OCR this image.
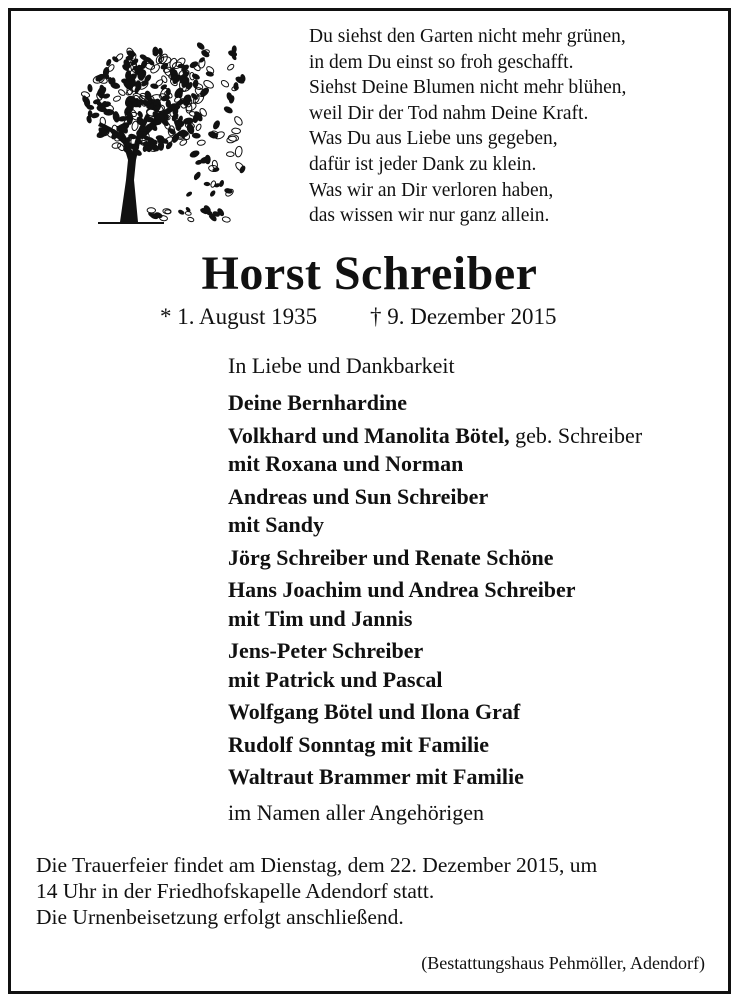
Du siehst den Garten nicht mehr grünen,
in dem Du einst so froh geschafft.
Siehst Deine Blumen nicht mehr blühen,
weil Dir der Tod nahm Deine Kraft.
Was Du aus Liebe uns gegeben,
dafür ist jeder Dank zu klein.
Was wir an Dir verloren haben,
das wissen wir nur ganz allein.
Horst Schreiber
* 1. August 1935 † 9. Dezember 2015
In Liebe und Dankbarkeit
Deine Bernhardine
Volkhard und Manolita Bötel, geb. Schreiber
mit Roxana und Norman
Andreas und Sun Schreiber
mit Sandy
Jörg Schreiber und Renate Schöne
Hans Joachim und Andrea Schreiber
mit Tim und Jannis
Jens-Peter Schreiber
mit Patrick und Pascal
Wolfgang Bötel und Ilona Graf
Rudolf Sonntag mit Familie
Waltraut Brammer mit Familie
im Namen aller Angehörigen
Die Trauerfeier findet am Dienstag, dem 22. Dezember 2015, um
14 Uhr in der Friedhofskapelle Adendorf statt.
Die Urnenbeisetzung erfolgt anschließend.
(Bestattungshaus Pehmöller, Adendorf)
